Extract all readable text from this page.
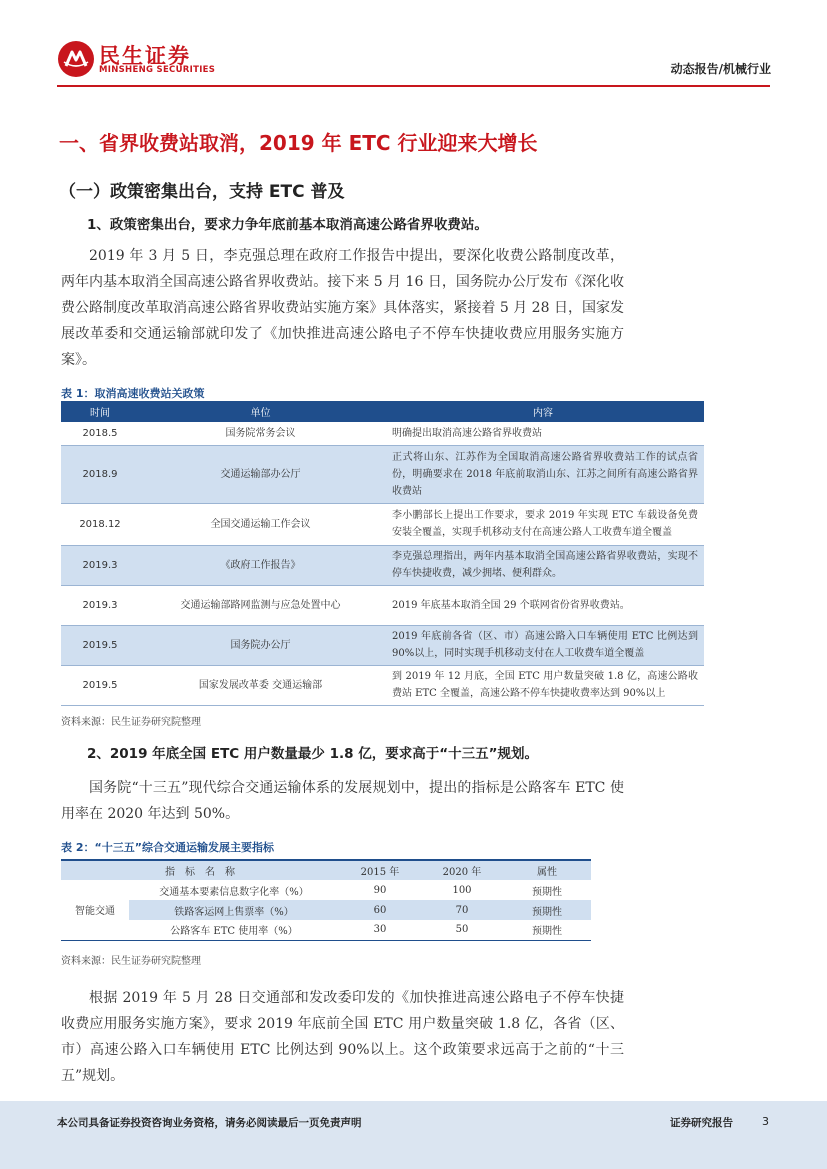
民生证券
MINSHENG SECURITIES	动态报告/机械行业
一、省界收费站取消，2019 年 ETC 行业迎来大增长
（一）政策密集出台，支持 ETC 普及
1、政策密集出台，要求力争年底前基本取消高速公路省界收费站。

2019 年 3 月 5 日，李克强总理在政府工作报告中提出，要深化收费公路制度改革，两年内基本取消全国高速公路省界收费站。接下来 5 月 16 日，国务院办公厅发布《深化收费公路制度改革取消高速公路省界收费站实施方案》具体落实，紧接着 5 月 28 日，国家发展改革委和交通运输部就印发了《加快推进高速公路电子不停车快捷收费应用服务实施方案》。

表 1：取消高速收费站关政策
时间	单位	内容
2018.5	国务院常务会议	明确提出取消高速公路省界收费站
2018.9	交通运输部办公厅	正式将山东、江苏作为全国取消高速公路省界收费站工作的试点省份，明确要求在 2018 年底前取消山东、江苏之间所有高速公路省界收费站
2018.12	全国交通运输工作会议	李小鹏部长上提出工作要求，要求 2019 年实现 ETC 车载设备免费安装全覆盖，实现手机移动支付在高速公路人工收费车道全覆盖
2019.3	《政府工作报告》	李克强总理指出，两年内基本取消全国高速公路省界收费站，实现不停车快捷收费，减少拥堵、便利群众。
2019.3	交通运输部路网监测与应急处置中心	2019 年底基本取消全国 29 个联网省份省界收费站。
2019.5	国务院办公厅	2019 年底前各省（区、市）高速公路入口车辆使用 ETC 比例达到 90%以上，同时实现手机移动支付在人工收费车道全覆盖
2019.5	国家发展改革委 交通运输部	到 2019 年 12 月底，全国 ETC 用户数量突破 1.8 亿，高速公路收费站 ETC 全覆盖，高速公路不停车快捷收费率达到 90%以上
资料来源：民生证券研究院整理
2、2019 年底全国 ETC 用户数量最少 1.8 亿，要求高于“十三五”规划。

国务院“十三五”现代综合交通运输体系的发展规划中，提出的指标是公路客车 ETC 使用率在 2020 年达到 50%。

表 2：“十三五”综合交通运输发展主要指标
指　标　名　称		2015 年	2020 年	属性
智能交通	交通基本要素信息数字化率（%）	90	100	预期性
	铁路客运网上售票率（%）	60	70	预期性
	公路客车 ETC 使用率（%）	30	50	预期性
资料来源：民生证券研究院整理

根据 2019 年 5 月 28 日交通部和发改委印发的《加快推进高速公路电子不停车快捷收费应用服务实施方案》，要求 2019 年底前全国 ETC 用户数量突破 1.8 亿，各省（区、市）高速公路入口车辆使用 ETC 比例达到 90%以上。这个政策要求远高于之前的“十三五”规划。

本公司具备证券投资咨询业务资格，请务必阅读最后一页免责声明	证券研究报告	3
